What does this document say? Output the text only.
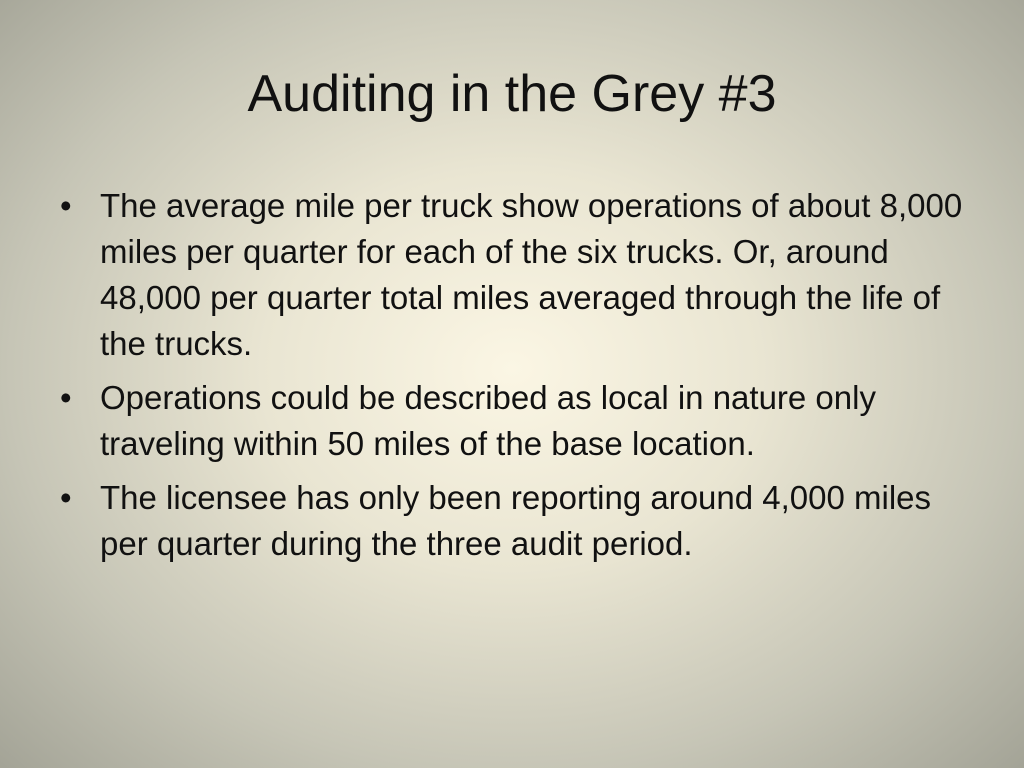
Auditing in the Grey #3
• The average mile per truck show operations of about 8,000 miles per quarter for each of the six trucks. Or, around 48,000 per quarter total miles averaged through the life of the trucks.
• Operations could be described as local in nature only traveling within 50 miles of the base location.
• The licensee has only been reporting around 4,000 miles per quarter during the three audit period.
